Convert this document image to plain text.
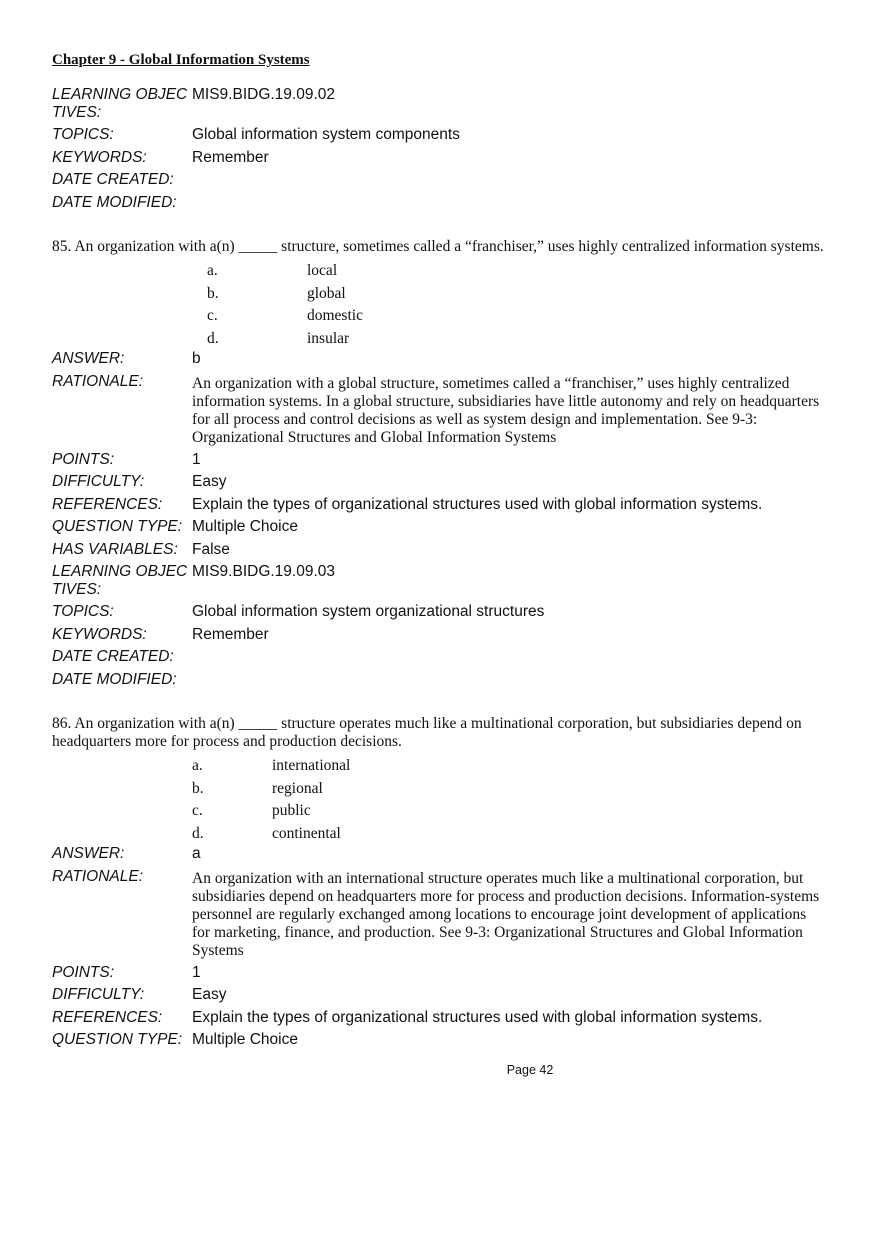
Chapter 9 - Global Information Systems
LEARNING OBJECTIVES:
MIS9.BIDG.19.09.02
TOPICS:	Global information system components
KEYWORDS:	Remember
DATE CREATED:
DATE MODIFIED:
85. An organization with a(n) _____ structure, sometimes called a “franchiser,” uses highly centralized information systems.
a.	local
b.	global
c.	domestic
d.	insular
ANSWER:	b
RATIONALE:	An organization with a global structure, sometimes called a “franchiser,” uses highly centralized information systems. In a global structure, subsidiaries have little autonomy and rely on headquarters for all process and control decisions as well as system design and implementation. See 9-3: Organizational Structures and Global Information Systems
POINTS:	1
DIFFICULTY:	Easy
REFERENCES:	Explain the types of organizational structures used with global information systems.
QUESTION TYPE: Multiple Choice
HAS VARIABLES: False
LEARNING OBJECTIVES:
MIS9.BIDG.19.09.03
TOPICS:	Global information system organizational structures
KEYWORDS:	Remember
DATE CREATED:
DATE MODIFIED:
86. An organization with a(n) _____ structure operates much like a multinational corporation, but subsidiaries depend on headquarters more for process and production decisions.
a.	international
b.	regional
c.	public
d.	continental
ANSWER:	a
RATIONALE:	An organization with an international structure operates much like a multinational corporation, but subsidiaries depend on headquarters more for process and production decisions. Information-systems personnel are regularly exchanged among locations to encourage joint development of applications for marketing, finance, and production. See 9-3: Organizational Structures and Global Information Systems
POINTS:	1
DIFFICULTY:	Easy
REFERENCES:	Explain the types of organizational structures used with global information systems.
QUESTION TYPE: Multiple Choice
Page 42
